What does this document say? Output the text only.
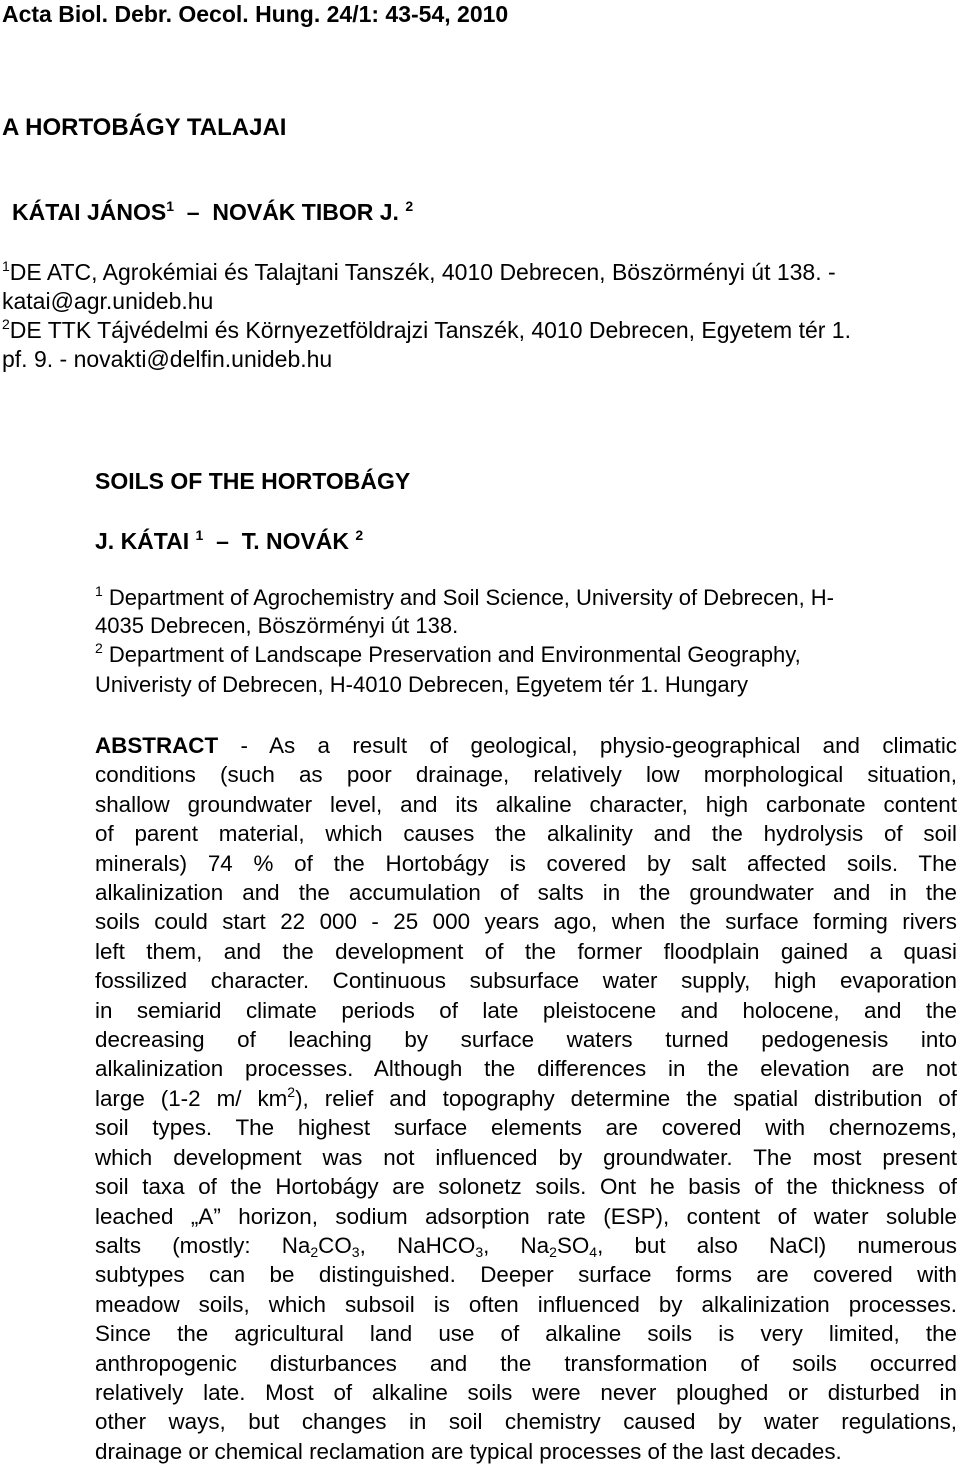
Acta Biol. Debr. Oecol. Hung. 24/1: 43-54, 2010
A HORTOBÁGY TALAJAI
KÁTAI JÁNOS$^1$ – NOVÁK TIBOR J. $^2$
$^1$DE ATC, Agrokémiai és Talajtani Tanszék, 4010 Debrecen, Böszörményi út 138. -
katai@agr.unideb.hu
$^2$DE TTK Tájvédelmi és Környezetföldrajzi Tanszék, 4010 Debrecen, Egyetem tér 1.
pf. 9. - novakti@delfin.unideb.hu
SOILS OF THE HORTOBÁGY
J. KÁTAI $^1$ – T. NOVÁK $^2$
$^1$ Department of Agrochemistry and Soil Science, University of Debrecen, H-
4035 Debrecen, Böszörményi út 138.
$^2$ Department of Landscape Preservation and Environmental Geography,
Univeristy of Debrecen, H-4010 Debrecen, Egyetem tér 1. Hungary
ABSTRACT - As a result of geological, physio-geographical and climatic
conditions (such as poor drainage, relatively low morphological situation,
shallow groundwater level, and its alkaline character, high carbonate content
of parent material, which causes the alkalinity and the hydrolysis of soil
minerals) 74 % of the Hortobágy is covered by salt affected soils. The
alkalinization and the accumulation of salts in the groundwater and in the
soils could start 22 000 - 25 000 years ago, when the surface forming rivers
left them, and the development of the former floodplain gained a quasi
fossilized character. Continuous subsurface water supply, high evaporation
in semiarid climate periods of late pleistocene and holocene, and the
decreasing of leaching by surface waters turned pedogenesis into
alkalinization processes. Although the differences in the elevation are not
large (1-2 m/ $km^2$), relief and topography determine the spatial distribution of
soil types. The highest surface elements are covered with chernozems,
which development was not influenced by groundwater. The most present
soil taxa of the Hortobágy are solonetz soils. Ont he basis of the thickness of
leached „A” horizon, sodium adsorption rate (ESP), content of water soluble
salts (mostly: $Na_2CO_3$, NaHCO$_3$, $Na_2SO_4$, but also NaCl) numerous
subtypes can be distinguished. Deeper surface forms are covered with
meadow soils, which subsoil is often influenced by alkalinization processes.
Since the agricultural land use of alkaline soils is very limited, the
anthropogenic disturbances and the transformation of soils occurred
relatively late. Most of alkaline soils were never ploughed or disturbed in
other ways, but changes in soil chemistry caused by water regulations,
drainage or chemical reclamation are typical processes of the last decades.
